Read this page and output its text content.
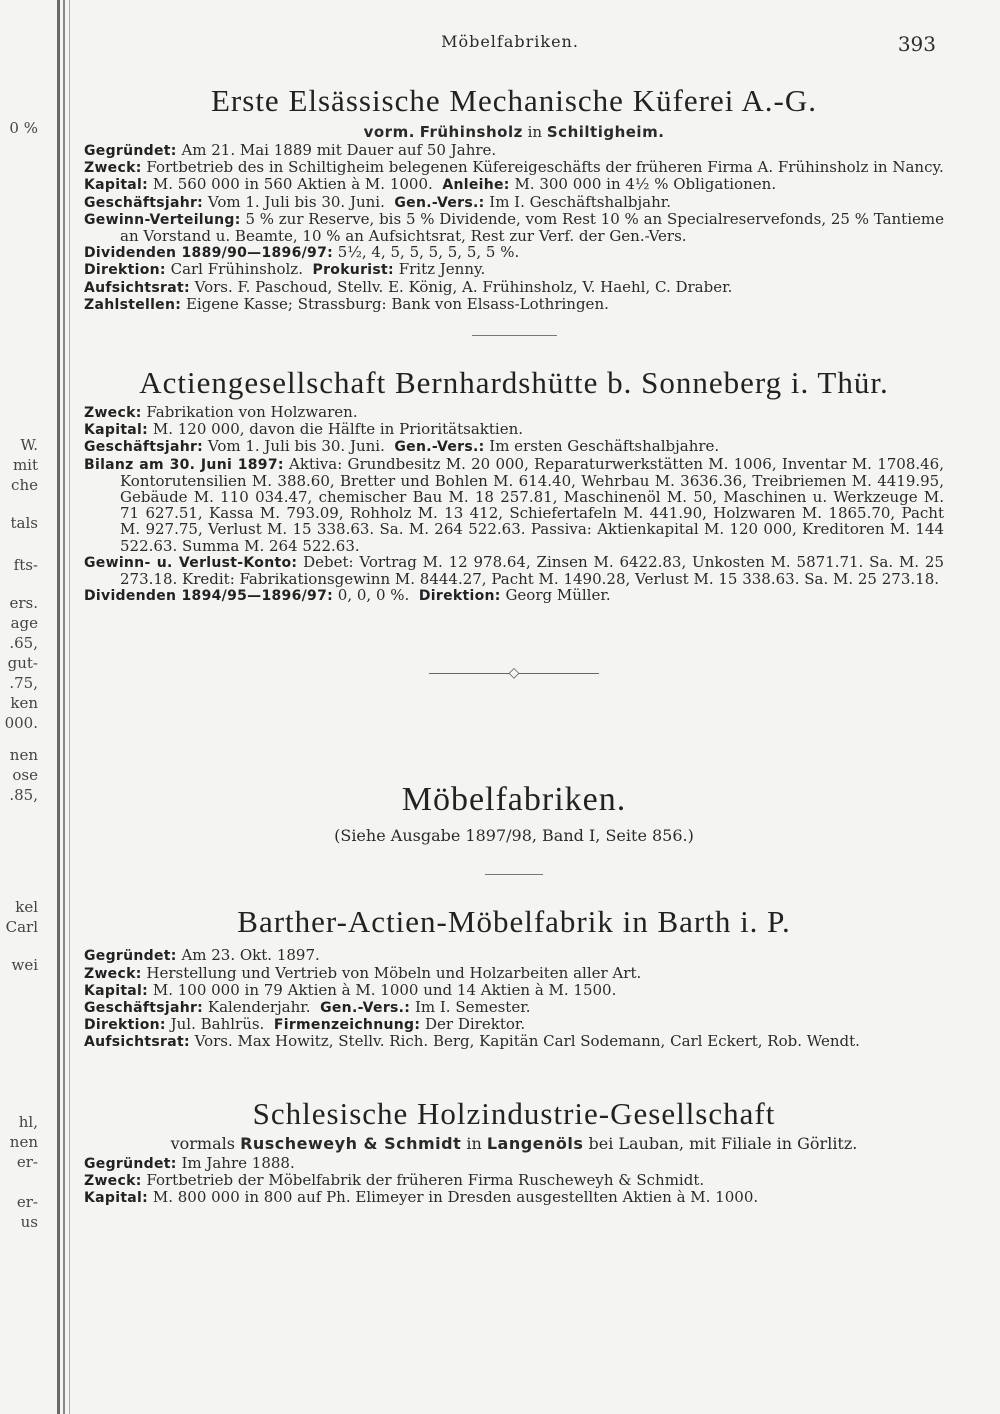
0 %
W.
mit
che
tals
fts-
ers.
age
.65,
gut-
.75,
ken
000.
nen
ose
.85,
kel
Carl
wei
hl,
nen
er-
er-
us
Möbelfabriken.	393
Erste Elsässische Mechanische Küferei A.-G.
vorm. Frühinsholz in Schiltigheim.
Gegründet: Am 21. Mai 1889 mit Dauer auf 50 Jahre.
Zweck: Fortbetrieb des in Schiltigheim belegenen Küfereigeschäfts der früheren Firma A. Frühinsholz in Nancy.
Kapital: M. 560 000 in 560 Aktien à M. 1000. Anleihe: M. 300 000 in 4½ % Obligationen.
Geschäftsjahr: Vom 1. Juli bis 30. Juni. Gen.-Vers.: Im I. Geschäftshalbjahr.
Gewinn-Verteilung: 5 % zur Reserve, bis 5 % Dividende, vom Rest 10 % an Specialreservefonds, 25 % Tantieme an Vorstand u. Beamte, 10 % an Aufsichtsrat, Rest zur Verf. der Gen.-Vers.
Dividenden 1889/90—1896/97: 5½, 4, 5, 5, 5, 5, 5, 5 %.
Direktion: Carl Frühinsholz. Prokurist: Fritz Jenny.
Aufsichtsrat: Vors. F. Paschoud, Stellv. E. König, A. Frühinsholz, V. Haehl, C. Draber.
Zahlstellen: Eigene Kasse; Strassburg: Bank von Elsass-Lothringen.
Actiengesellschaft Bernhardshütte b. Sonneberg i. Thür.
Zweck: Fabrikation von Holzwaren.
Kapital: M. 120 000, davon die Hälfte in Prioritätsaktien.
Geschäftsjahr: Vom 1. Juli bis 30. Juni. Gen.-Vers.: Im ersten Geschäftshalbjahre.
Bilanz am 30. Juni 1897: Aktiva: Grundbesitz M. 20 000, Reparaturwerkstätten M. 1006, Inventar M. 1708.46, Kontorutensilien M. 388.60, Bretter und Bohlen M. 614.40, Wehrbau M. 3636.36, Treibriemen M. 4419.95, Gebäude M. 110 034.47, chemischer Bau M. 18 257.81, Maschinenöl M. 50, Maschinen u. Werkzeuge M. 71 627.51, Kassa M. 793.09, Rohholz M. 13 412, Schiefertafeln M. 441.90, Holzwaren M. 1865.70, Pacht M. 927.75, Verlust M. 15 338.63. Sa. M. 264 522.63. Passiva: Aktienkapital M. 120 000, Kreditoren M. 144 522.63. Summa M. 264 522.63.
Gewinn- u. Verlust-Konto: Debet: Vortrag M. 12 978.64, Zinsen M. 6422.83, Unkosten M. 5871.71. Sa. M. 25 273.18. Kredit: Fabrikationsgewinn M. 8444.27, Pacht M. 1490.28, Verlust M. 15 338.63. Sa. M. 25 273.18.
Dividenden 1894/95—1896/97: 0, 0, 0 %. Direktion: Georg Müller.
◇
Möbelfabriken.
(Siehe Ausgabe 1897/98, Band I, Seite 856.)
Barther-Actien-Möbelfabrik in Barth i. P.
Gegründet: Am 23. Okt. 1897.
Zweck: Herstellung und Vertrieb von Möbeln und Holzarbeiten aller Art.
Kapital: M. 100 000 in 79 Aktien à M. 1000 und 14 Aktien à M. 1500.
Geschäftsjahr: Kalenderjahr. Gen.-Vers.: Im I. Semester.
Direktion: Jul. Bahlrüs. Firmenzeichnung: Der Direktor.
Aufsichtsrat: Vors. Max Howitz, Stellv. Rich. Berg, Kapitän Carl Sodemann, Carl Eckert, Rob. Wendt.
Schlesische Holzindustrie-Gesellschaft
vormals Ruscheweyh & Schmidt in Langenöls bei Lauban, mit Filiale in Görlitz.
Gegründet: Im Jahre 1888.
Zweck: Fortbetrieb der Möbelfabrik der früheren Firma Ruscheweyh & Schmidt.
Kapital: M. 800 000 in 800 auf Ph. Elimeyer in Dresden ausgestellten Aktien à M. 1000.
